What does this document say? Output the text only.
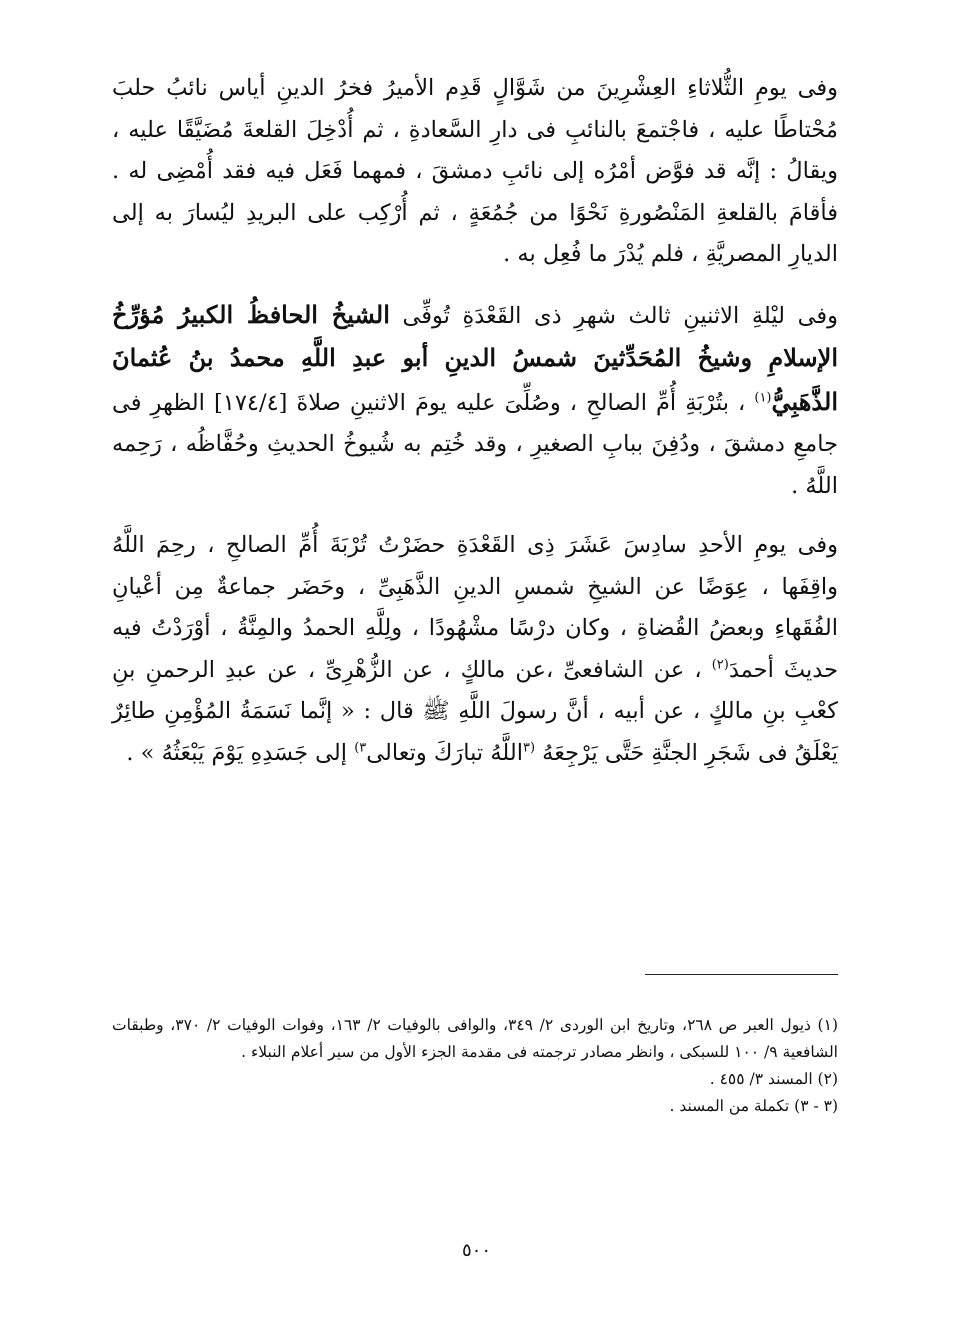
وفى يومِ الثُّلاثاءِ العِشْرِينَ من شَوَّالٍ قَدِم الأميرُ فخرُ الدينِ أياس نائبُ حلبَ مُحْتاطًا عليه ، فاجْتمعَ بالنائبِ فى دارِ السَّعادةِ ، ثم أُدْخِلَ القلعةَ مُضَيَّقًا عليه ، ويقالُ : إنَّه قد فوَّض أمْرُه إلى نائبِ دمشقَ ، فمهما فَعَل فيه فقد أُمْضِى له . فأقامَ بالقلعةِ المَنْصُورةِ نَحْوًا من جُمُعَةٍ ، ثم أُرْكِب على البريدِ ليُسارَ به إلى الديارِ المصريَّةِ ، فلم يُدْرَ ما فُعِل به .

وفى ليْلةِ الاثنينِ ثالث شهرِ ذى القَعْدَةِ تُوفِّى الشيخُ الحافظُ الكبيرُ مُؤرِّخُ الإسلامِ وشيخُ المُحَدِّثينَ شمسُ الدينِ أبو عبدِ اللَّهِ محمدُ بنُ عُثمانَ الذَّهَبِيُّ$^{(١)}$ ، بتُرْبَةِ أُمِّ الصالحِ ، وصُلِّىَ عليه يومَ الاثنينِ صلاةَ [١٧٤/٤] الظهرِ فى جامعِ دمشقَ ، ودُفِنَ ببابِ الصغيرِ ، وقد خُتِم به شُيوخُ الحديثِ وحُفَّاظُه ، رَحِمه اللَّهُ .

وفى يومِ الأحدِ سادِسَ عَشَرَ ذِى القَعْدَةِ حضَرْتُ تُرْبَةَ أُمِّ الصالحِ ، رحِمَ اللَّهُ واقِفَها ، عِوَضًا عن الشيخِ شمسِ الدينِ الذَّهَبِىِّ ، وحَضَر جماعةٌ مِن أعْيانِ الفُقَهاءِ وبعضُ القُضاةِ ، وكان درْسًا مشْهُودًا ، ولِلَّهِ الحمدُ والمِنَّةُ ، أوْرَدْتُ فيه حديثَ أحمدَ$^{(٢)}$ ، عن الشافعىِّ ،عن مالكٍ ، عن الزُّهْرِىِّ ، عن عبدِ الرحمنِ بنِ كعْبِ بنِ مالكٍ ، عن أبيه ، أنَّ رسولَ اللَّهِ ﷺ قال : « إنَّما نَسَمَةُ المُؤْمِنِ طائِرٌ يَعْلَقُ فى شَجَرِ الجنَّةِ حَتَّى يَرْجِعَهُ $^{(٣}$اللَّهُ تبارَكَ وتعالى$^{٣)}$ إلى جَسَدِهِ يَوْمَ يَبْعَثُهُ » .

(١) ذيول العبر ص ٢٦٨، وتاريخ ابن الوردى ٢/ ٣٤٩، والوافى بالوفيات ٢/ ١٦٣، وفوات الوفيات ٢/ ٣٧٠، وطبقات الشافعية ٩/ ١٠٠ للسبكى ، وانظر مصادر ترجمته فى مقدمة الجزء الأول من سير أعلام النبلاء .

(٢) المسند ٣/ ٤٥٥ .

(٣ - ٣) تكملة من المسند .

٥٠٠
